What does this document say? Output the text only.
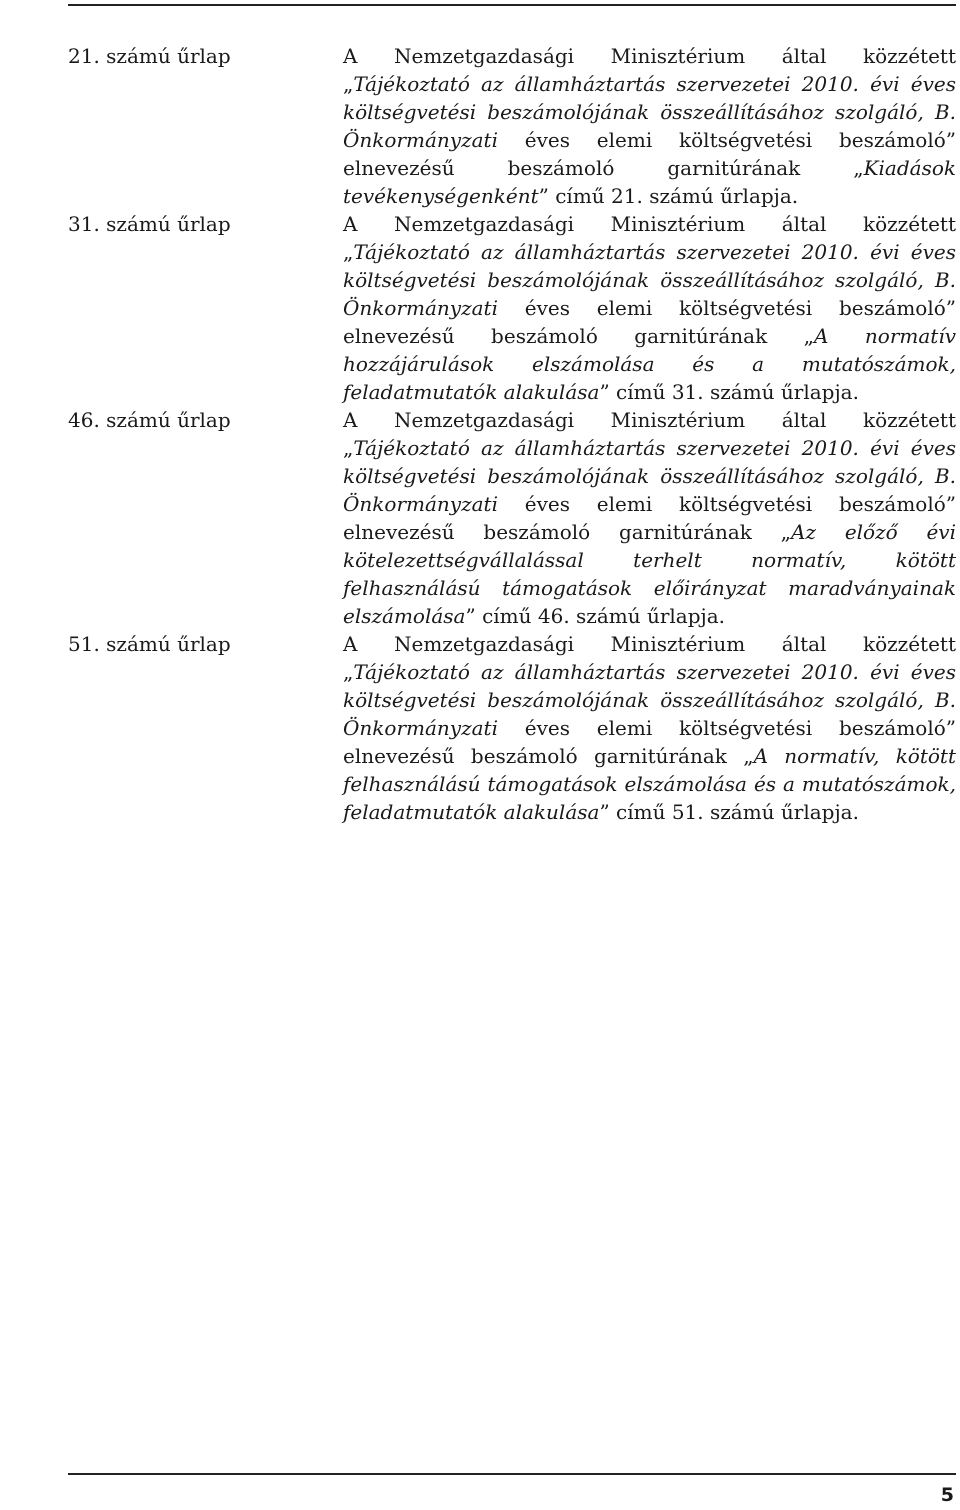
21. számú űrlap	A Nemzetgazdasági Minisztérium által közzétett „Tájékoztató az államháztartás szervezetei 2010. évi éves költségvetési beszámolójának összeállításához szolgáló, B. Önkormányzati éves elemi költségvetési beszámoló” elnevezésű beszámoló garnitúrának „Kiadások tevékenységenként” című 21. számú űrlapja.
31. számú űrlap	A Nemzetgazdasági Minisztérium által közzétett „Tájékoztató az államháztartás szervezetei 2010. évi éves költségvetési beszámolójának összeállításához szolgáló, B. Önkormányzati éves elemi költségvetési beszámoló” elnevezésű beszámoló garnitúrának „A normatív hozzájárulások elszámolása és a mutatószámok, feladatmutatók alakulása” című 31. számú űrlapja.
46. számú űrlap	A Nemzetgazdasági Minisztérium által közzétett „Tájékoztató az államháztartás szervezetei 2010. évi éves költségvetési beszámolójának összeállításához szolgáló, B. Önkormányzati éves elemi költségvetési beszámoló” elnevezésű beszámoló garnitúrának „Az előző évi kötelezettségvállalással terhelt normatív, kötött felhasználású támogatások előirányzat maradványainak elszámolása” című 46. számú űrlapja.
51. számú űrlap	A Nemzetgazdasági Minisztérium által közzétett „Tájékoztató az államháztartás szervezetei 2010. évi éves költségvetési beszámolójának összeállításához szolgáló, B. Önkormányzati éves elemi költségvetési beszámoló” elnevezésű beszámoló garnitúrának „A normatív, kötött felhasználású támogatások elszámolása és a mutatószámok, feladatmutatók alakulása” című 51. számú űrlapja.
5
